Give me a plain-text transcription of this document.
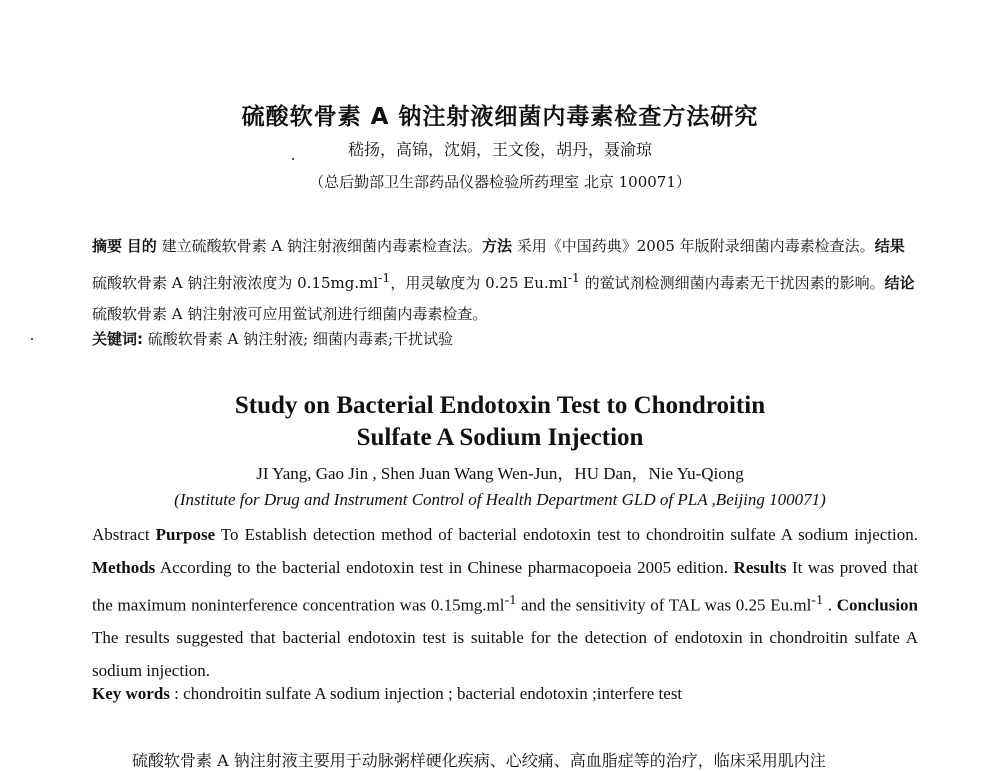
硫酸软骨素 A 钠注射液细菌内毒素检查方法研究
嵇扬，高锦，沈娟，王文俊，胡丹，聂渝琼
（总后勤部卫生部药品仪器检验所药理室 北京 100071）
摘要 目的 建立硫酸软骨素 A 钠注射液细菌内毒素检查法。方法 采用《中国药典》2005 年版附录细菌内毒素检查法。结果 硫酸软骨素 A 钠注射液浓度为 $0.15mg.ml^{-1}$，用灵敏度为 0.25 $Eu.ml^{-1}$ 的鲎试剂检测细菌内毒素无干扰因素的影响。结论 硫酸软骨素 A 钠注射液可应用鲎试剂进行细菌内毒素检查。
关键词: 硫酸软骨素 A 钠注射液; 细菌内毒素;干扰试验
Study on Bacterial Endotoxin Test to Chondroitin
Sulfate A Sodium Injection
JI Yang, Gao Jin , Shen Juan Wang Wen-Jun，HU Dan，Nie Yu-Qiong
(Institute for Drug and Instrument Control of Health Department GLD of PLA ,Beijing 100071)
Abstract Purpose To Establish detection method of bacterial endotoxin test to chondroitin sulfate A sodium injection. Methods According to the bacterial endotoxin test in Chinese pharmacopoeia 2005 edition. Results It was proved that the maximum noninterference concentration was $0.15mg.ml^{-1}$ and the sensitivity of TAL was 0.25 $Eu.ml^{-1}$ . Conclusion The results suggested that bacterial endotoxin test is suitable for the detection of endotoxin in chondroitin sulfate A sodium injection.
Key words : chondroitin sulfate A sodium injection ; bacterial endotoxin ;interfere test
硫酸软骨素 A 钠注射液主要用于动脉粥样硬化疾病、心绞痛、高血脂症等的治疗，临床采用肌内注
